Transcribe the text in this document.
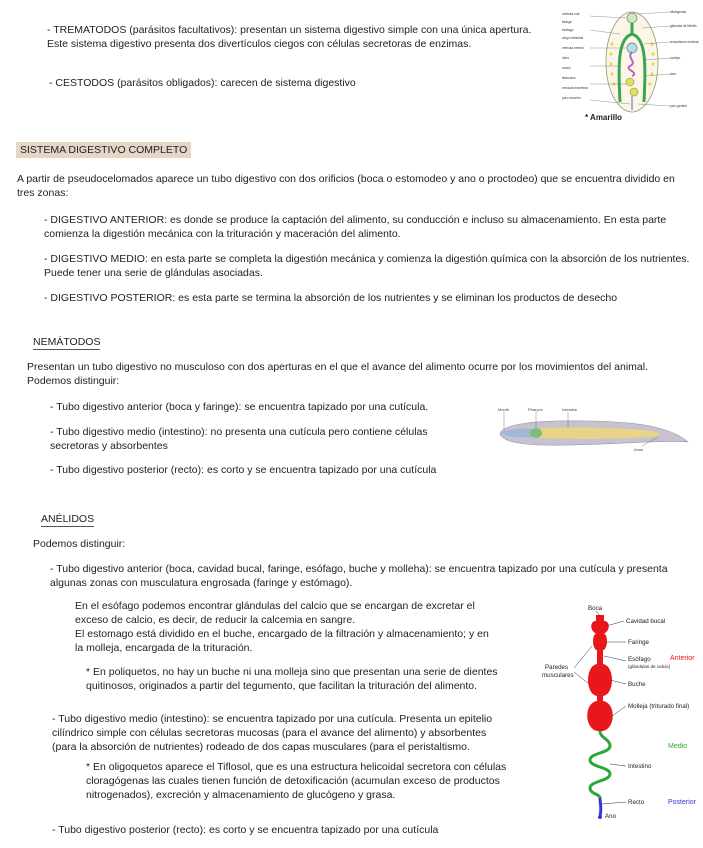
- TREMATODOS (parásitos facultativos): presentan un sistema digestivo simple con una única apertura. Este sistema digestivo presenta dos divertículos ciegos con células secretoras de enzimas.

- CESTODOS (parásitos obligados): carecen de sistema digestivo

ventosa oral
faringe
esófago
ciego intestinal
ventosa ventral
útero
ovario
testículos
vesícula excretora
poro excretor
vitelógenas
glándula de Mehlis
receptáculo seminal
ovotipo
cirro
poro genital
* Amarillo
SISTEMA DIGESTIVO COMPLETO

A partir de pseudocelomados aparece un tubo digestivo con dos orificios (boca o estomodeo y ano o proctodeo) que se encuentra dividido en tres zonas:

- DIGESTIVO ANTERIOR: es donde se produce la captación del alimento, su conducción e incluso su almacenamiento. En esta parte comienza la digestión mecánica con la trituración y maceración del alimento.

- DIGESTIVO MEDIO: en esta parte se completa la digestión mecánica y comienza la digestión química con la absorción de los nutrientes. Puede tener una serie de glándulas asociadas.

- DIGESTIVO POSTERIOR: es esta parte se termina la absorción de los nutrientes y se eliminan los productos de desecho

NEMÁTODOS

Presentan un tubo digestivo no musculoso con dos aperturas en el que el avance del alimento ocurre por los movimientos del animal. Podemos distinguir:

- Tubo digestivo anterior (boca y faringe): se encuentra tapizado por una cutícula.

- Tubo digestivo medio (intestino): no presenta una cutícula pero contiene células secretoras y absorbentes

- Tubo digestivo posterior (recto): es corto y se encuentra tapizado por una cutícula

Mouth	Pharynx	Intestine
Anus
ANÉLIDOS

Podemos distinguir:

- Tubo digestivo anterior (boca, cavidad bucal, faringe, esófago, buche y molleha): se encuentra tapizado por una cutícula y presenta algunas zonas con musculatura engrosada (faringe y estómago).

En el esófago podemos encontrar glándulas del calcio que se encargan de excretar el
exceso de calcio, es decir, de reducir la calcemia en sangre.
El estomago está dividido en el buche, encargado de la filtración y almacenamiento; y en
la molleja, encargada de la trituración.
* En poliquetos, no hay un buche ni una molleja sino que presentan una serie de dientes
quitinosos, originados a partir del tegumento, que facilitan la trituración del alimento.
- Tubo digestivo medio (intestino): se encuentra tapizado por una cutícula. Presenta un epitelio
cilíndrico simple con células secretoras mucosas (para el avance del alimento) y absorbentes
(para la absorción de nutrientes) rodeado de dos capas musculares (para el peristaltismo.
* En oligoquetos aparece el Tiflosol, que es una estructura helicoidal secretora con células
cloragógenas las cuales tienen función de detoxificación (acumulan exceso de productos
nitrogenados), excreción y almacenamiento de glucógeno y grasa.

- Tubo digestivo posterior (recto): es corto y se encuentra tapizado por una cutícula

Boca
Cavidad bucal
Faringe
Esófago
(glándulas de calcio)
Paredes
musculares
Buche
Molleja (triturado final)
Intestino
Recto
Ano
Anterior
Medio
Posterior
